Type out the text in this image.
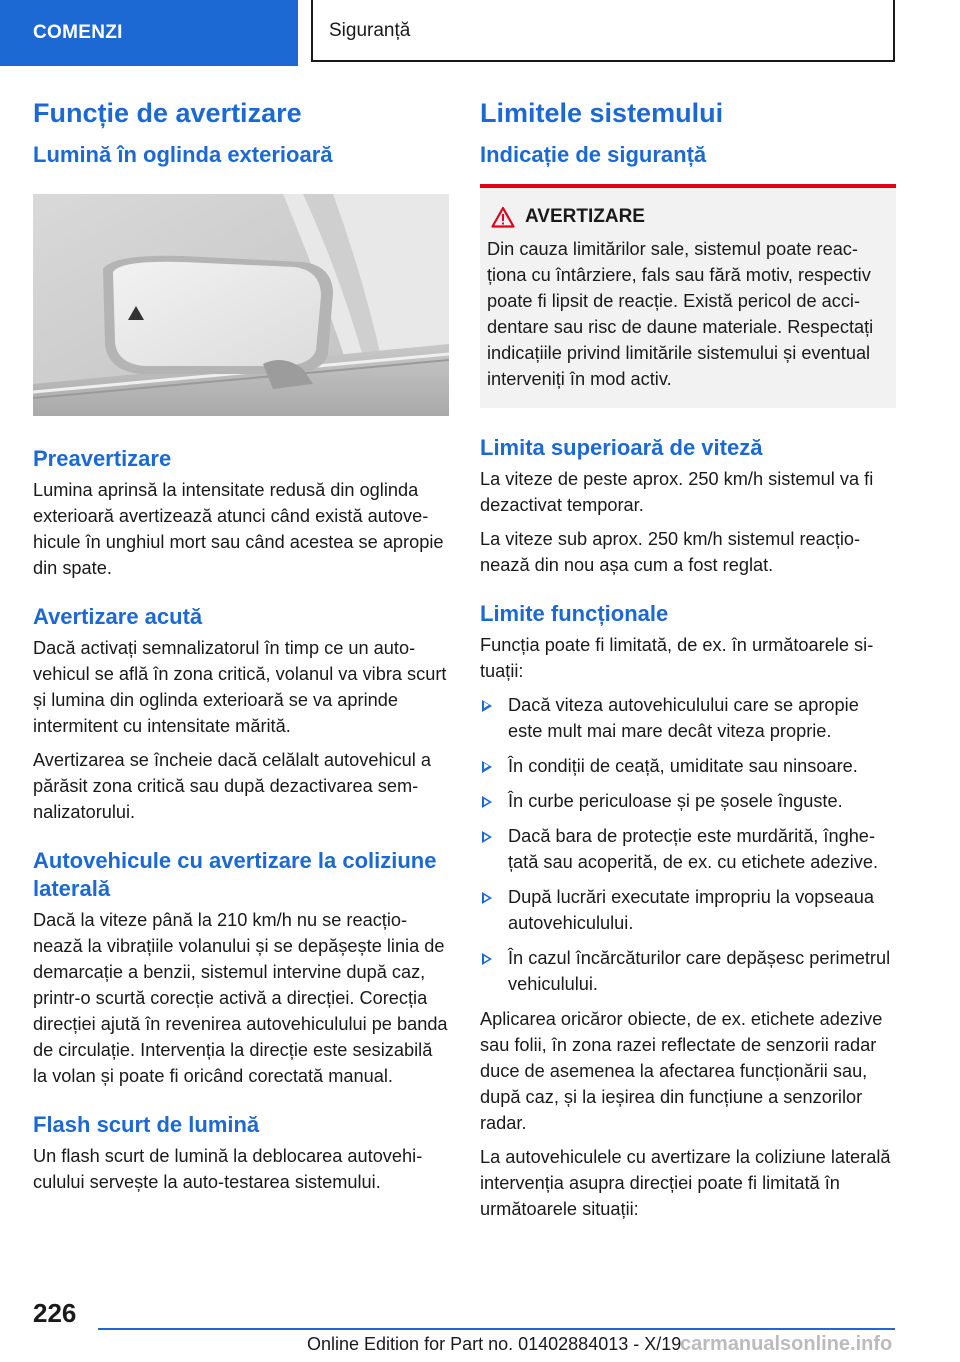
COMENZI	Siguranță
Funcție de avertizare
Lumină în oglinda exterioară
Preavertizare

Lumina aprinsă la intensitate redusă din oglinda exterioară avertizează atunci când există autovehicule în unghiul mort sau când acestea se apropie din spate.

Avertizare acută

Dacă activați semnalizatorul în timp ce un autovehicul se află în zona critică, volanul va vibra scurt și lumina din oglinda exterioară se va aprinde intermitent cu intensitate mărită.

Avertizarea se încheie dacă celălalt autovehicul a părăsit zona critică sau după dezactivarea semnalizatorului.

Autovehicule cu avertizare la coliziune laterală

Dacă la viteze până la 210 km/h nu se reacționează la vibrațiile volanului și se depășește linia de demarcație a benzii, sistemul intervine după caz, printr-o scurtă corecție activă a direcției. Corecția direcției ajută în revenirea autovehiculului pe banda de circulație. Intervenția la direcție este sesizabilă la volan și poate fi oricând corectată manual.

Flash scurt de lumină

Un flash scurt de lumină la deblocarea autovehiculului servește la auto-testarea sistemului.

Limitele sistemului
Indicație de siguranță
AVERTIZARE

Din cauza limitărilor sale, sistemul poate reacționa cu întârziere, fals sau fără motiv, respectiv poate fi lipsit de reacție. Există pericol de accidentare sau risc de daune materiale. Respectați indicațiile privind limitările sistemului și eventual interveniți în mod activ.

Limita superioară de viteză

La viteze de peste aprox. 250 km/h sistemul va fi dezactivat temporar.

La viteze sub aprox. 250 km/h sistemul reacționează din nou așa cum a fost reglat.

Limite funcționale

Funcția poate fi limitată, de ex. în următoarele situații:

Dacă viteza autovehiculului care se apropie este mult mai mare decât viteza proprie.
În condiții de ceață, umiditate sau ninsoare.
În curbe periculoase și pe șosele înguste.
Dacă bara de protecție este murdărită, înghețată sau acoperită, de ex. cu etichete adezive.
După lucrări executate impropriu la vopseaua autovehiculului.
În cazul încărcăturilor care depășesc perimetrul vehiculului.

Aplicarea oricăror obiecte, de ex. etichete adezive sau folii, în zona razei reflectate de senzorii radar duce de asemenea la afectarea funcționării sau, după caz, și la ieșirea din funcțiune a senzorilor radar.

La autovehiculele cu avertizare la coliziune laterală intervenția asupra direcției poate fi limitată în următoarele situații:

226
Online Edition for Part no. 01402884013 - X/19
carmanualsonline.info
